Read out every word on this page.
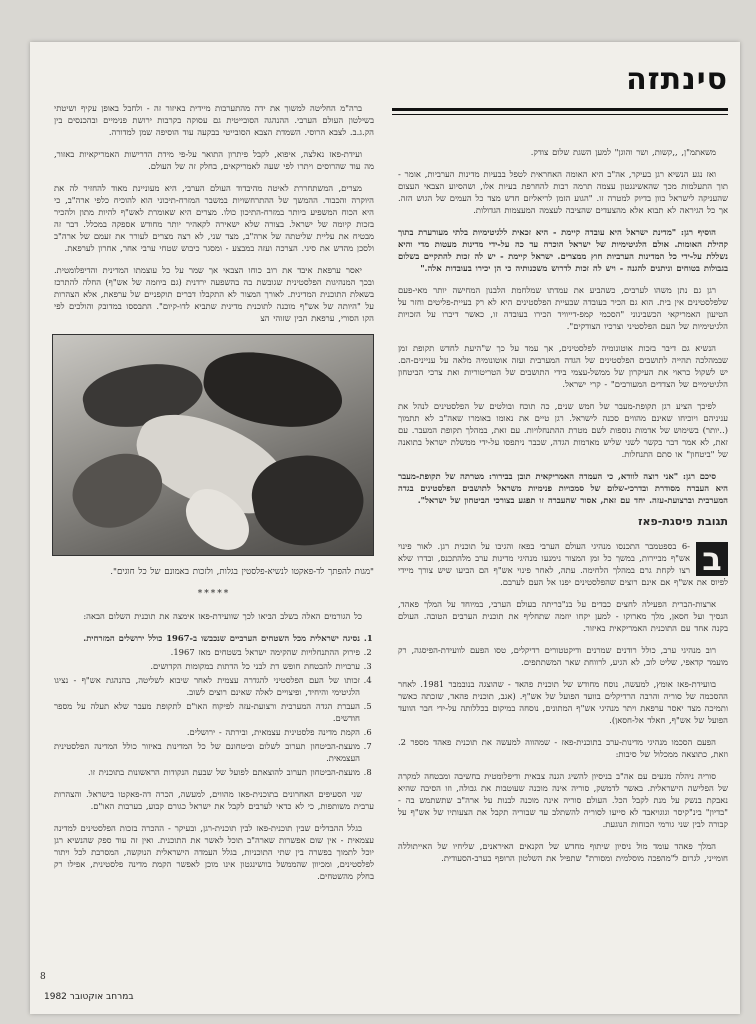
סינתזה

משאתמ"ן, ,,קשות, ושר והוגן" למען השגת שלום צודק.

ואז נגע הנשיא רגן בעיקר, אה"ב היא האומה האחראית לטפל בבעיות מדינות הערביות, אומר - תוך התעלמות מכך שהאשינגטון עצמה תרמה רבות להחרפת בעיות אלו, ושהסיוע הצבאי העצום שהעניקה לישראל כוון בדיוק למטרה זו. "הגוע הזמן לריאליזם חדש מצד כל העמים של הגוש הזה. אך כל הגיראה לא תבוא אלא מהצעדים שהציבה לעצמה המעצמות הגדולות.

הוסיף רגן: "מדינת ישראל היא עובדה קיימת - היא זכאית ללגיטימיות בלתי מעורערת בתוך קהילת האומות. אולם הלגיטימיות של ישראל הוכרה עד כה על-ידי מדינות מעטות מדי והיא נשללת על-ידי כל המדינות הערביות חוץ ממצרים. ישראל קיימת - יש לה זכות להתקיים בשלום בגבולות בטוחים וניתנים להגנה - ויש לה זכות לדרוש משכנותיה כי הן יכירו בעובדות אלה."

רגן גם נתן משהו לערבים, כשהביע את עמדתו שמלחמת הלבנון המחישה יותר מאי-פעם שלפלסטינים אין בית. הוא גם הכיר בעובדה שבעיית הפלסטינים היא לא רק בעיית-פליטים וחזר על הטיעון האמריקאי הכשבינוני "הסכמי קמפ-דייוויד הכירו בעובדה זו, כאשר דיברו על הזכויות הלגיטימיות של העם הפלסטיני וצרכיו הצודקים".

הנשיא גם דיבר בזכות אוטונומיה לפלסטינים, אך עמד על כך ש"היעת לחדש תקופת זמן שבמהלכה תהייה לתושבים הפלסטינים של הגדה המערבית ועזה אוטונומיה מלאה על עניינים-הם. יש לשקול כראוי את העיקרון של ממשל-עצמי בידי התושבים של הטריטוריות ואת צרכי הביטחון הלגיטימיים של הצדדים המעורבים" - קרי ישראל.

לפיכך הציע רגן תקופת-מעבר של חמש שנים, כה תוכח ובולטים של הפלסטינים לנהל את עניניהם ויוכיחו שאינם מהווים סכנה לישראל. רגן טיים את נאומו באומרו שאה"ב לא תתמוך (..יותר) בשימוש של אדמות נוספות לשם מטרת ההתנחלויות. עם זאת, במהלך תקופת המעבר. עם זאת, לא אמר דבר בקשר לשני שליש מאדמות הגדה, שכבר ניתפסו על-ידי ממשלת ישראל בתואנה של "ביטחון" או סתם התנחלות.

סיכם רגן: "אני רוצה לוודא, כי העמדה האמריקאית תובן בבירור: מטרתה של תקופת-מעבר היא העברה מסודרת ובדרכי-שלום של סמכויות פנימיות משראל לתושבים הפלסטינים בגדה המערבית וברצועת-עזה. יחד עם זאת, אסור שהעברה זו תפגע בצורכי הביטחון של ישראל".

תגובת פיסגת-פאז
ב

-6 בספטמבר התכנסו מנהיגי העולם הערבי בפאז והגיבו על תוכנית רגן. לאור פינוי אש"ף מביירות, במשך כל זמן המצור נימנעו מנהיגי מדינות ערב מלהתכנס, ובדרו שלא רצו לקחת גרם במהלך הלחימה. עתה, לאחר פינוי אש"ף הם הביעו שיש צורך מיידי לפיוס את אש"ף אם אינם רוצים שהפלסטינים יפנו אל העם לערבם.

ארצות-הברית הפעילה לחצים כבדים על בנ"בריתה בעולם הערבי, במיוחד על המלך פאהד, הנסיך ועל חסאן, מלך מארוקו - למען יקחו יוזמה שתחליף את תוכנית הערבים הטובה. העולם בקנה אחד עם התוכנית האמריקאית באיזור.

רוב מנהיגי ערב, כולל רודנים שמרנים ודיקטטורים רדיקלים, טסו הפעם לוועידת-הפיסגה, רק מועמר קדאפי, שליט לוב, לא הגיע, לרווחת שאר המשתתפים.

בוועידת-פאז אומץ, למעשה, נוסח מחודש של תוכנית פהאד - שהוצגה בנובמבר 1981. לאחר ההסכמה של סוריה והרבה הרדיקלים בוועד הפועל של אש"ף. (אגב, תוכנית פהאד, שזכתה כאשר ותמיכה מצד יאסר ערפאת ויתר מנהיגי אש"ף המתונים, נוסחה במיקום בכללותה על-ידי חבר הוועד הפועל של אש"ף, חאלד אל-חסאן).

הפעם הסכמו מנהיגי מדינות-ערב בתוכנית-פאז - שמהווה למעשה את תוכנית פאהד מספר 2. וזאת, כתוצאה ממכלול של סיבות:

סוריה ניהלה מגעים עם אה"ב בניסיון להשיג הגנה צבאית ודיפלומטית בחשיבה ומבטחה למקרה של הפלישה הישראלית. באשר לדמשק, סוריה אינה מוכנה שעוטבות את גבולה, וזו הסיבה שהיא נאבקת בנשק על מנת לקבל הכל. העולם סוריה אינה מוכנה לבנות על ארה"ב שתשתמש בה - "בדיון" בינ"קיסר וגוגויאבד לא סייעו לסוריה להשתלב עד שבוריה תקבל את הצעותיו של אש"ף על קבורה לבין שני גורמי הכוחות הנוגעת.

המלך פאהד עומד מול ניסיון שיתוף מחדש של הקנאים האיראנים, שליחיו של האייתוללה חומייני, לגרום ל"מהפכה מוסלמית ומסורת" שתפיל את השלטון הרופף בערב-הסעודית.

ברה"מ החליטה למשוך את ידה מהתערבות מיידית באיזור זה - ולחבל באופן עקיף ושיטתי בשילטון העולם הערבי. ההנהגה הסובייטית גם עסוקה בקרבות ירושת פנימיים ובהכנסים בין הק.ג.ב. לצבא הרוסי. השמדת הצבא הסובייטי בבקעה עוד הוסיפה שמן למדורה.

ועידת-פאז נאלצה, איפוא, לקבל פיתרון התואר על-פי מידת הדרישות האמריקאיות באזור, מה עוד שהרוסים ויתרו לפי שעה לאמריקאים, בחלק זה של העולם.

מצרים, המשתחררת לאיטה מהיבדוד העולם הערבי, היא מעוניינת מאוד להחזיר לה את היוקרה והכבוד. ההמשך של ההתרחשויות במשבר המזרח-תיכוני הוא להוכיח כלפי ארה"ב, כי היא הכוח המשפיע ביותר במזרח-התיכון כולו. מצרים היא שאומרת לאש"ף להיות מתון ולהכיר בזכות קיומה של ישראל. בצורה שלא ישאירה לקאהיר יותר מחודש אספקה במכלל. דבר זה מבטיח את עליית שליטתה של ארה"ב, מצד שני, לא רצה מצרים לעורר את זעמם של ארה"ב ולסכן מהדש את סיני. הצרכה ועזה במבצע - ומסגר כיבוש שטחי ערבי אחר, אחרון לערפאת.

יאסר ערפאת איבד את רוב כוחו הצבאי אך שמר על כל עוצמתו המדינית והדיפלומטית. ובכך המנהיגות הפלסטינית שגובשת בה בהשפעה ירדנית (גם ביוזמה של אש"ף) החלה להתרכז בשאלת התוכנית המדינית. לאורך המצור לא התקבלו דברים תוקפניים של ערפאת, אלא הצהרות על "היותה של אש"ף מוכנה לתוכנית מדינית שתביא לדו-קיום". התבססו במדובק והולכים לפי הקו הסורי, ערפאת הבין שזוהי הצ

"מגות להפתך לד-פאקטו לנשיא-פלסטין בגלות, ולזכות באמונם של כל חוגים".
*****

כל הגורמים האלה בשלב הביאו לכך שוועידת-פאז אימצה את תוכנית השלום הבאה:

1. נסיגה ישראלית מכל השטחים הערביים שנכבשו ב-1967 כולל ירושלים המזרחית.
2. פירוק ההתנחלויות שהקימה ישראל בשטחים מאז 1967.
3. ערבויות להבטחת חופש דת לבני כל הדתות במקומות הקדושים.
4. זכותו של העם הפלסטיני להגדרה עצמית לאחר שיבוא לשליטה, בהנהגת אש"ף - נציגו הלגיטימי והיחיד, ופיצויים לאלה שאינם רוצים לשוב.
5. העברת הגדה המערבית ורצועת-עזה לפיקוח האו"ם לתקופת מעבר שלא תעלה על מספר חודשים.
6. הקמת מדינה פלסטינית עצמאית, ובירתה - ירושלים.
7. מועצת-הביטחון תערוב לשלום וביטחונם של כל המדינות באיזור כולל המדינה הפלסטינית העצמאית.
8. מועצת-הביטחון תערוב להוצאתם לפועל של שבעת הנקודות הראשונות בתוכנית זו.

שני הסעיפים האחרונים בתוכנית-פאז מהווים, למעשה, הכרה דה-פאקטו בישראל. והצהרות ערבית משותפות, כי לא כדאי לערבים לקבל את ישראל כגורם קבוע, בערבות האו"ם.

בגלל ההבדלים שבין תוכנית-פאז לבין תוכנית-רגן, ובעיקר - ההכרה בזכות הפלסטינים למדינה עצמאית - אין שום אפשרות שארה"ב תוכל לאשר את התוכנית. ואין זה עוד ספק שהנשיא רגן יוכל לתמוך בפשרה בין שתי התוכניות, בגלל העמדה הישראלית הנוקשה, המסרבת לכל ויתור לפלסטינים, ומכיוון שהממשל בוושינגטון אינו מוכן לאפשר הקמת מדינה פלסטינית, אפילו רק בחלק מהשטחים.

8
במרחב אוקטובר 1982
